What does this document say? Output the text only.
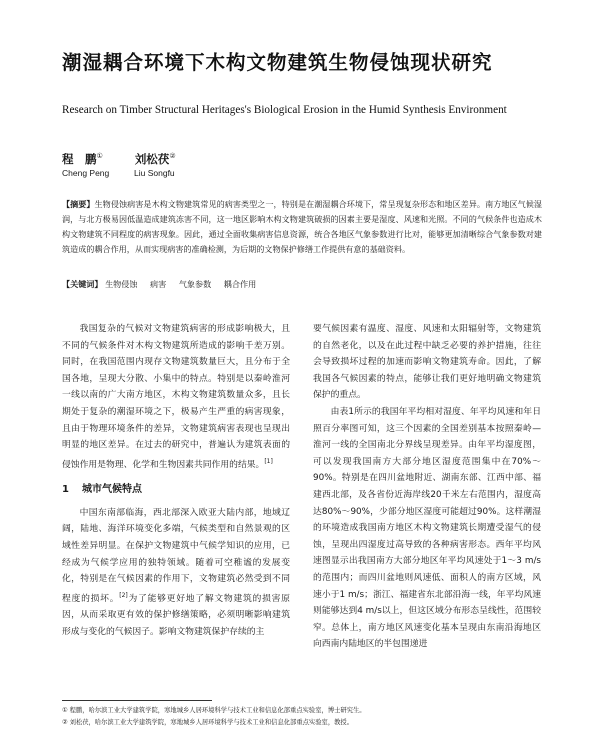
潮湿耦合环境下木构文物建筑生物侵蚀现状研究
Research on Timber Structural Heritages's Biological Erosion in the Humid Synthesis Environment
程　鹏①	刘松茯②
Cheng Peng	Liu Songfu
【摘要】生物侵蚀病害是木构文物建筑常见的病害类型之一，特别是在潮湿耦合环境下，常呈现复杂形态和地区差异。南方地区气候湿润，与北方极易因低温造成建筑冻害不同，这一地区影响木构文物建筑破损的因素主要是湿度、风速和光照。不同的气候条件也造成木构文物建筑不同程度的病害现象。因此，通过全面收集病害信息资源，统合各地区气象参数进行比对，能够更加清晰综合气象参数对建筑造成的耦合作用，从而实现病害的准确检测，为后期的文物保护修缮工作提供有意的基础资料。
【关键词】 生物侵蚀 病害 气象参数 耦合作用

我国复杂的气候对文物建筑病害的形成影响极大，且不同的气候条件对木构文物建筑所造成的影响千差万别。同时，在我国范围内现存文物建筑数量巨大，且分布于全国各地，呈现大分散、小集中的特点。特别是以秦岭淮河一线以南的广大南方地区，木构文物建筑数量众多，且长期处于复杂的潮湿环境之下，极易产生严重的病害现象，且由于物理环境条件的差异，文物建筑病害表现也呈现出明显的地区差异。在过去的研究中，普遍认为建筑表面的侵蚀作用是物理、化学和生物因素共同作用的结果。[1]

1 城市气候特点

中国东南部临海，西北部深入欧亚大陆内部，地域辽阔，陆地、海洋环境变化多端，气候类型和自然景观的区域性差异明显。在保护文物建筑中气候学知识的应用，已经成为气候学应用的独特领域。随着可空稚谧的发展变化，特别是在气候因素的作用下，文物建筑必然受到不同程度的损坏。[2]为了能够更好地了解文物建筑的损害原因，从而采取更有效的保护修缮策略，必须明晰影响建筑形成与变化的气候因子。影响文物建筑保护存续的主

要气候因素有温度、湿度、风速和太阳辐射等，文物建筑的自然老化，以及在此过程中缺乏必要的养护措施，往往会导致损坏过程的加速而影响文物建筑寿命。因此，了解我国各气候因素的特点，能够让我们更好地明确文物建筑保护的重点。

由表1所示的我国年平均相对湿度、年平均风速和年日照百分率图可知，这三个因素的全国差别基本按照秦岭—淮河一线的全国南北分界线呈现差异。由年平均湿度图，可以发现我国南方大部分地区湿度范围集中在70%～90%。特别是在四川盆地附近、湖南东部、江西中部、福建西北部，及各省份近海岸线20千米左右范围内，湿度高达80%～90%，少部分地区湿度可能超过90%。这样潮湿的环境造成我国南方地区木构文物建筑长期遭受湿气的侵蚀，呈现出四湿度过高导致的各种病害形态。西年平均风速图显示出我国南方大部分地区年平均风速处于1～3 m/s的范围内；而四川盆地则风速低、面积人的南方区域，风速小于1 m/s；浙江、福建省东北部沿海一线，年平均风速则能够达到4 m/s以上，但这区域分布形态呈线性，范围较窄。总体上，南方地区风速变化基本呈现由东南沿海地区向西南内陆地区的半包围递进

① 程鹏，哈尔滨工业大学建筑学院，寒地城乡人居环境科学与技术工业和信息化部重点实验室，博士研究生。
② 刘松茯，哈尔滨工业大学建筑学院，寒地城乡人居环境科学与技术工业和信息化部重点实验室，教授。
